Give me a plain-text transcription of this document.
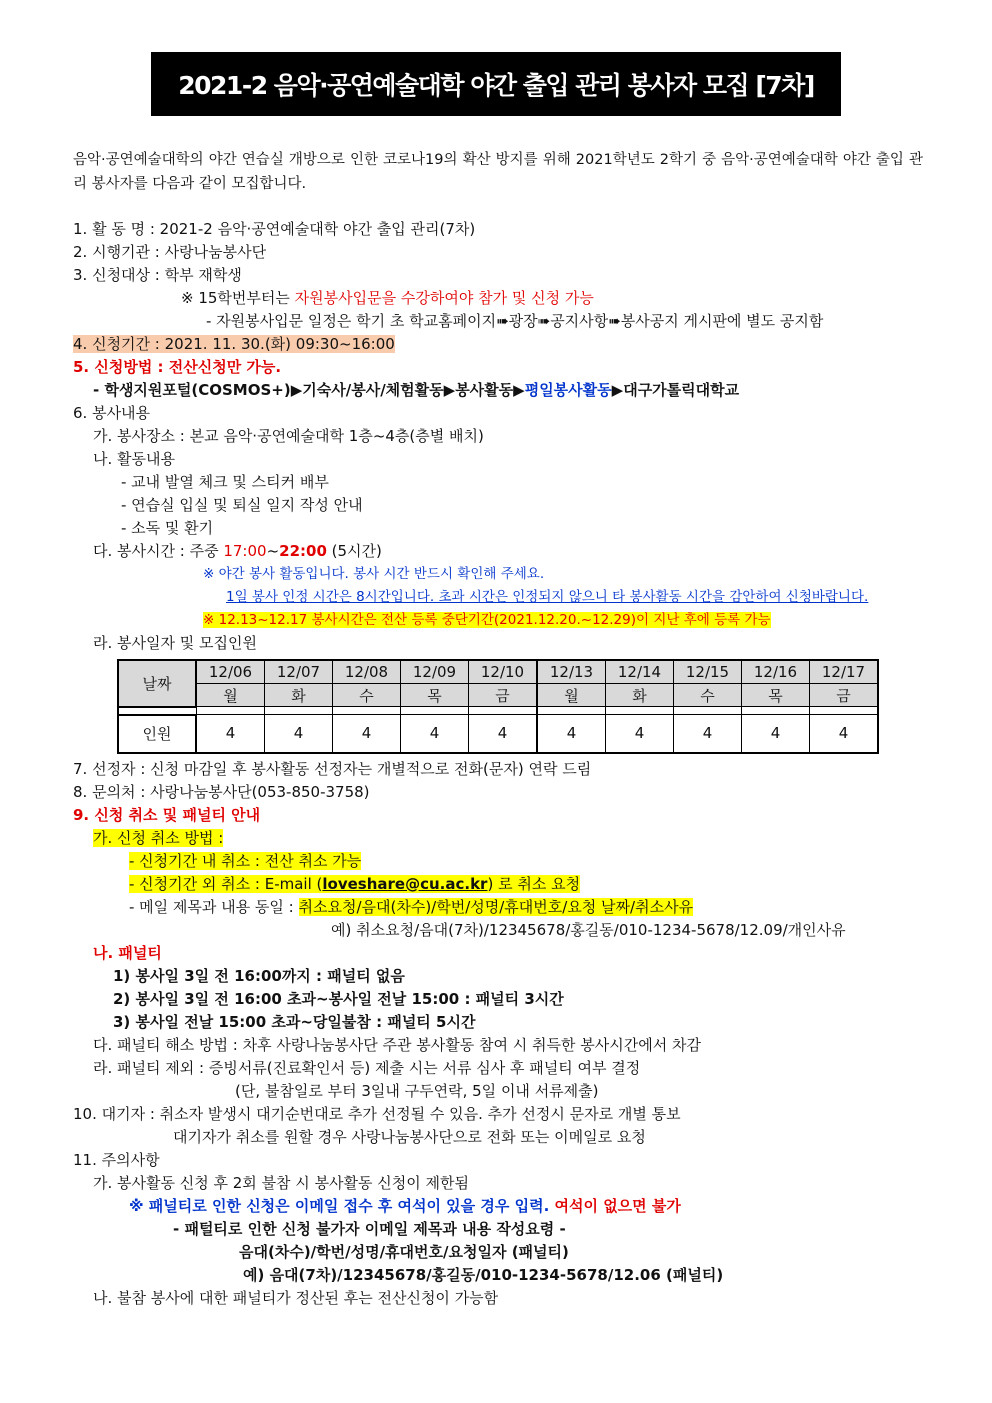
2021-2 음악·공연예술대학 야간 출입 관리 봉사자 모집 [7차]
음악·공연예술대학의 야간 연습실 개방으로 인한 코로나19의 확산 방지를 위해 2021학년도 2학기 중 음악·공연예술대학 야간 출입 관리 봉사자를 다음과 같이 모집합니다.
1. 활 동 명 : 2021-2 음악·공연예술대학 야간 출입 관리(7차)
2. 시행기관 : 사랑나눔봉사단
3. 신청대상 : 학부 재학생
※ 15학번부터는 자원봉사입문을 수강하여야 참가 및 신청 가능
- 자원봉사입문 일정은 학기 초 학교홈페이지➠광장➠공지사항➠봉사공지 게시판에 별도 공지함
4. 신청기간 : 2021. 11. 30.(화) 09:30~16:00
5. 신청방법 : 전산신청만 가능.
- 학생지원포털(COSMOS+)▶기숙사/봉사/체험활동▶봉사활동▶평일봉사활동▶대구가톨릭대학교
6. 봉사내용
가. 봉사장소 : 본교 음악·공연예술대학 1층~4층(층별 배치)
나. 활동내용
- 교내 발열 체크 및 스티커 배부
- 연습실 입실 및 퇴실 일지 작성 안내
- 소독 및 환기
다. 봉사시간 : 주중 17:00~22:00 (5시간)
※ 야간 봉사 활동입니다. 봉사 시간 반드시 확인해 주세요.
1일 봉사 인정 시간은 8시간입니다. 초과 시간은 인정되지 않으니 타 봉사활동 시간을 감안하여 신청바랍니다.
※ 12.13~12.17 봉사시간은 전산 등록 중단기간(2021.12.20.~12.29)이 지난 후에 등록 가능
라. 봉사일자 및 모집인원
날짜	12/06	12/07	12/08	12/09	12/10	12/13	12/14	12/15	12/16	12/17
	월	화	수	목	금	월	화	수	목	금

인원	4	4	4	4	4	4	4	4	4	4
7. 선정자 : 신청 마감일 후 봉사활동 선정자는 개별적으로 전화(문자) 연락 드림
8. 문의처 : 사랑나눔봉사단(053-850-3758)
9. 신청 취소 및 패널티 안내
가. 신청 취소 방법 :
- 신청기간 내 취소 : 전산 취소 가능
- 신청기간 외 취소 : E-mail (loveshare@cu.ac.kr) 로 취소 요청
- 메일 제목과 내용 동일 : 취소요청/음대(차수)/학번/성명/휴대번호/요청 날짜/취소사유
예) 취소요청/음대(7차)/12345678/홍길동/010-1234-5678/12.09/개인사유
나. 패널티
1) 봉사일 3일 전 16:00까지 : 패널티 없음
2) 봉사일 3일 전 16:00 초과~봉사일 전날 15:00 : 패널티 3시간
3) 봉사일 전날 15:00 초과~당일불참 : 패널티 5시간
다. 패널티 해소 방법 : 차후 사랑나눔봉사단 주관 봉사활동 참여 시 취득한 봉사시간에서 차감
라. 패널티 제외 : 증빙서류(진료확인서 등) 제출 시는 서류 심사 후 패널티 여부 결정
(단, 불참일로 부터 3일내 구두연락, 5일 이내 서류제출)
10. 대기자 : 취소자 발생시 대기순번대로 추가 선정될 수 있음. 추가 선정시 문자로 개별 통보
대기자가 취소를 원할 경우 사랑나눔봉사단으로 전화 또는 이메일로 요청
11. 주의사항
가. 봉사활동 신청 후 2회 불참 시 봉사활동 신청이 제한됨
※ 패널티로 인한 신청은 이메일 접수 후 여석이 있을 경우 입력. 여석이 없으면 불가
- 패털티로 인한 신청 불가자 이메일 제목과 내용 작성요령 -
음대(차수)/학번/성명/휴대번호/요청일자 (패널티)
예) 음대(7차)/12345678/홍길동/010-1234-5678/12.06 (패널티)
나. 불참 봉사에 대한 패널티가 정산된 후는 전산신청이 가능함
